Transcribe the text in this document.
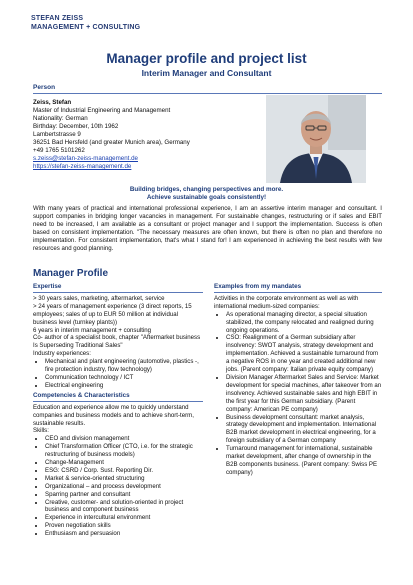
STEFAN ZEISS
MANAGEMENT + CONSULTING
Manager profile and project list
Interim Manager and Consultant
Person
Zeiss, Stefan
Master of Industrial Engineering and Management
Nationality: German
Birthday: December, 10th 1962
Lambertstrasse 9
36251 Bad Hersfeld (and greater Munich area), Germany
+49 1765 5101262
s.zeiss@stefan-zeiss-management.de
https://stefan-zeiss-management.de
Building bridges, changing perspectives and more.
Achieve sustainable goals consistently!
With many years of practical and international professional experience, I am an assertive interim manager and consultant. I support companies in bridging longer vacancies in management. For sustainable changes, restructuring or if sales and EBIT need to be increased, I am available as a consultant or project manager and I support the implementation. Success is often based on consistent implementation. "The necessary measures are often known, but there is often no plan and therefore no implementation. For consistent implementation, that's what I stand for! I am experienced in achieving the best results with few resources and good planning.
Manager Profile
Expertise

> 30 years sales, marketing, aftermarket, service

> 24 years of management experience (3 direct reports, 15 employees; sales of up to EUR 50 million at individual business level (turnkey plants))

6 years in interim management + consulting

Co- author of a specialist book, chapter "Aftermarket business Is Superseding Traditional Sales"

Industry experiences:

• Mechanical and plant engineering (automotive, plastics -, fire protection industry, flow technology)
• Communication technology / ICT
• Electrical engineering
Competencies & Characteristics

Education and experience allow me to quickly understand companies and business models and to achieve short-term, sustainable results.

Skills:

• CEO and division management
• Chief Transformation Officer (CTO, i.e. for the strategic restructuring of business models)
• Change-Management
• ESG: CSRD / Corp. Sust. Reporting Dir.
• Market & service-oriented structuring
• Organizational – and process development
• Sparring partner and consultant
• Creative, customer- and solution-oriented in project business and component business
• Experience in intercultural environment
• Proven negotiation skills
• Enthusiasm and persuasion
Examples from my mandates

Activities in the corporate environment as well as with international medium-sized companies:

• As operational managing director, a special situation stabilized, the company relocated and realigned during ongoing operations.
• CSO: Realignment of a German subsidiary after insolvency: SWOT analysis, strategy development and implementation. Achieved a sustainable turnaround from a negative ROS in one year and created additional new jobs. (Parent company: Italian private equity company)
• Division Manager Aftermarket Sales and Service: Market development for special machines, after takeover from an insolvency. Achieved sustainable sales and high EBIT in the first year for this German subsidiary. (Parent company: American PE company)
• Business development consultant: market analysis, strategy development and implementation. International B2B market development in electrical engineering, for a foreign subsidiary of a German company
• Turnaround management for international, sustainable market development, after change of ownership in the B2B components business. (Parent company: Swiss PE company)
